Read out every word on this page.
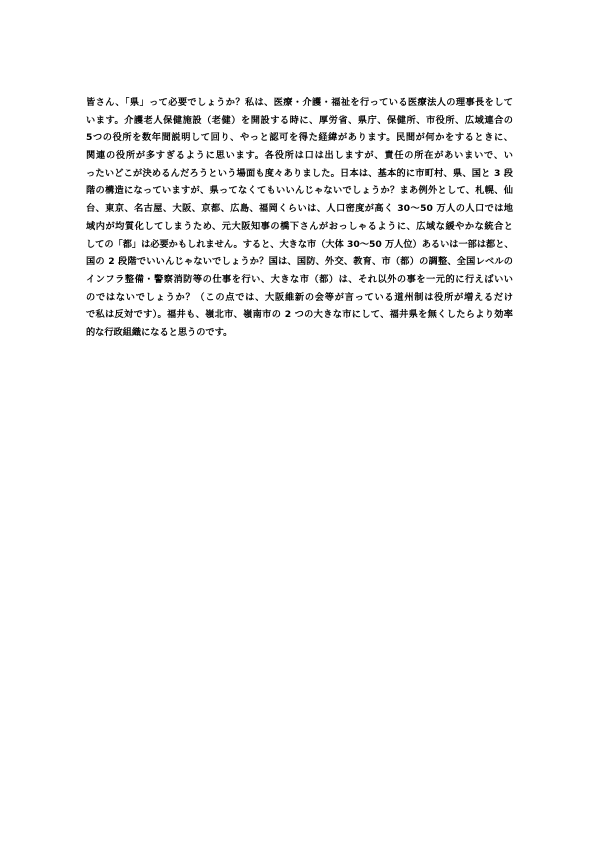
皆さん、「県」って必要でしょうか？私は、医療・介護・福祉を行っている医療法人の理事長をして
います。介護老人保健施設（老健）を開設する時に、厚労省、県庁、保健所、市役所、広域連合の
5つの役所を数年間説明して回り、やっと認可を得た経緯があります。民間が何かをするときに、
関連の役所が多すぎるように思います。各役所は口は出しますが、責任の所在があいまいで、い
ったいどこが決めるんだろうという場面も度々ありました。日本は、基本的に市町村、県、国と 3 段
階の構造になっていますが、県ってなくてもいいんじゃないでしょうか？まあ例外として、札幌、仙
台、東京、名古屋、大阪、京都、広島、福岡くらいは、人口密度が高く 30～50 万人の人口では地
域内が均質化してしまうため、元大阪知事の橋下さんがおっしゃるように、広域な緩やかな統合と
しての「都」は必要かもしれません。すると、大きな市（大体 30～50 万人位）あるいは一部は都と、
国の 2 段階でいいんじゃないでしょうか？国は、国防、外交、教育、市（都）の調整、全国レベルの
インフラ整備・警察消防等の仕事を行い、大きな市（都）は、それ以外の事を一元的に行えばいい
のではないでしょうか？（この点では、大阪維新の会等が言っている道州制は役所が増えるだけ
で私は反対です）。福井も、嶺北市、嶺南市の 2 つの大きな市にして、福井県を無くしたらより効率
的な行政組織になると思うのです。
